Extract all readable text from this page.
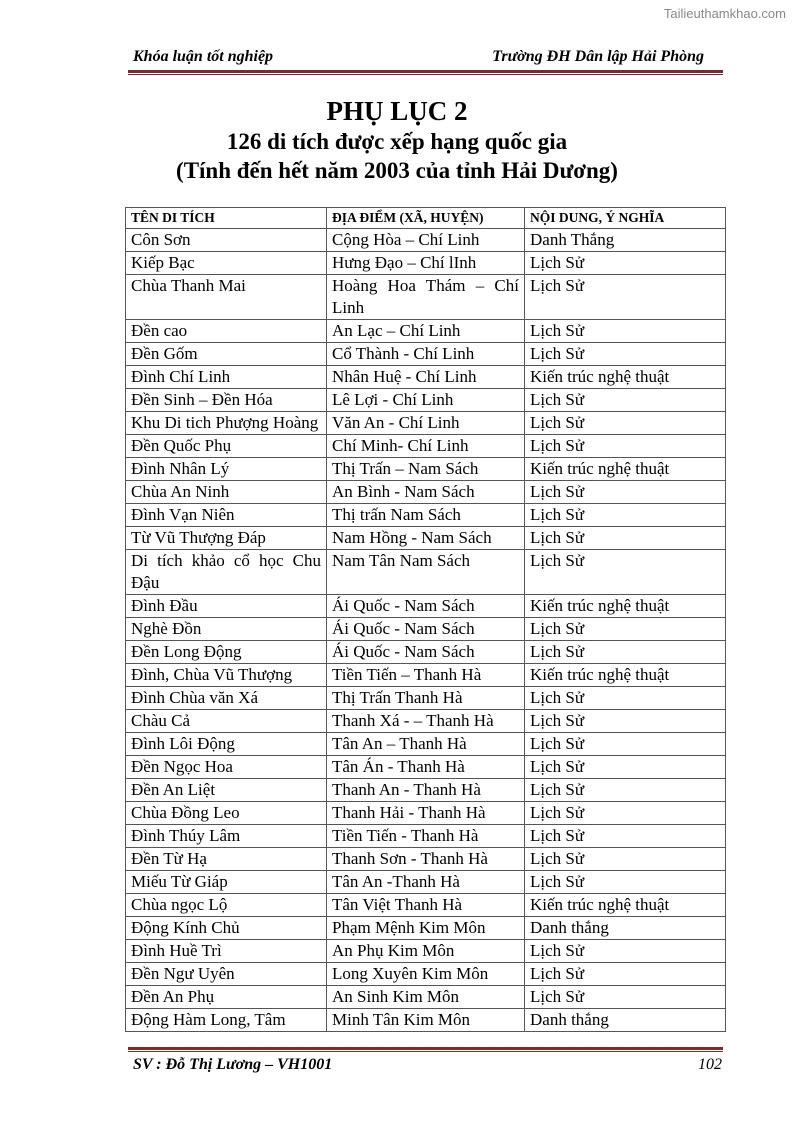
Tailieuthamkhao.com
Khóa luận tốt nghiệp	Trường ĐH Dân lập Hải Phòng
PHỤ LỤC 2
126 di tích được xếp hạng quốc gia
(Tính đến hết năm 2003 của tỉnh Hải Dương)
TÊN DI TÍCH	ĐỊA ĐIỂM (XÃ, HUYỆN)	NỘI DUNG, Ý NGHĨA
Côn Sơn	Cộng Hòa – Chí Linh	Danh Thắng
Kiếp Bạc	Hưng Đạo – Chí lInh	Lịch Sử
Chùa Thanh Mai	Hoàng Hoa Thám – Chí Linh	Lịch Sử
Đền cao	An Lạc – Chí Linh	Lịch Sử
Đền Gốm	Cổ Thành - Chí Linh	Lịch Sử
Đình Chí Linh	Nhân Huệ - Chí Linh	Kiến trúc nghệ thuật
Đền Sinh – Đền Hóa	Lê Lợi - Chí Linh	Lịch Sử
Khu Di tich Phượng Hoàng	Văn An - Chí Linh	Lịch Sử
Đền Quốc Phụ	Chí Minh- Chí Linh	Lịch Sử
Đình Nhân Lý	Thị Trấn – Nam Sách	Kiến trúc nghệ thuật
Chùa An Ninh	An Bình - Nam Sách	Lịch Sử
Đình Vạn Niên	Thị trấn Nam Sách	Lịch Sử
Từ Vũ Thượng Đáp	Nam Hồng - Nam Sách	Lịch Sử
Di tích khảo cổ học Chu Đậu	Nam Tân Nam Sách	Lịch Sử
Đình Đầu	Ái Quốc - Nam Sách	Kiến trúc nghệ thuật
Nghè Đồn	Ái Quốc - Nam Sách	Lịch Sử
Đền Long Động	Ái Quốc - Nam Sách	Lịch Sử
Đình, Chùa Vũ Thượng	Tiền Tiến – Thanh Hà	Kiến trúc nghệ thuật
Đình Chùa văn Xá	Thị Trấn Thanh Hà	Lịch Sử
Chàu Cả	Thanh Xá - – Thanh Hà	Lịch Sử
Đình Lôi Động	Tân An – Thanh Hà	Lịch Sử
Đền Ngọc Hoa	Tân Án - Thanh Hà	Lịch Sử
Đền An Liệt	Thanh An - Thanh Hà	Lịch Sử
Chùa Đồng Leo	Thanh Hải - Thanh Hà	Lịch Sử
Đình Thúy Lâm	Tiền Tiến - Thanh Hà	Lịch Sử
Đền Từ Hạ	Thanh Sơn - Thanh Hà	Lịch Sử
Miếu Từ Giáp	Tân An -Thanh Hà	Lịch Sử
Chùa ngọc Lộ	Tân Việt Thanh Hà	Kiến trúc nghệ thuật
Động Kính Chủ	Phạm Mệnh Kim Môn	Danh thắng
Đình Huề Trì	An Phụ Kim Môn	Lịch Sử
Đền Ngư Uyên	Long Xuyên Kim Môn	Lịch Sử
Đền An Phụ	An Sinh Kim Môn	Lịch Sử
Động Hàm Long, Tâm	Minh Tân Kim Môn	Danh thắng
SV : Đỗ Thị Lương – VH1001	102
